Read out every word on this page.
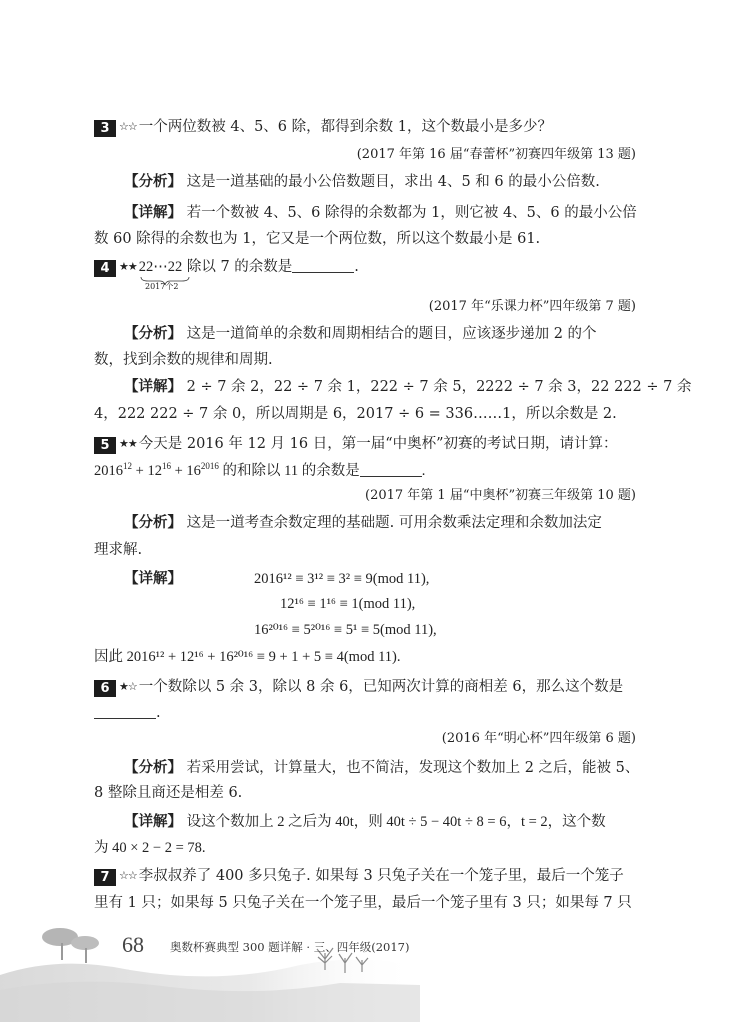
3 ☆☆ 一个两位数被 4、5、6 除，都得到余数 1，这个数最小是多少？
(2017 年第 16 届“春蕾杯”初赛四年级第 13 题)
【分析】 这是一道基础的最小公倍数题目，求出 4、5 和 6 的最小公倍数.
【详解】 若一个数被 4、5、6 除得的余数都为 1，则它被 4、5、6 的最小公倍
数 60 除得的余数也为 1，它又是一个两位数，所以这个数最小是 61.
4 ★★ 22⋯22 除以 7 的余数是	.
2017个2
(2017 年“乐课力杯”四年级第 7 题)
【分析】 这是一道简单的余数和周期相结合的题目，应该逐步递加 2 的个
数，找到余数的规律和周期.
【详解】 2 ÷ 7 余 2，22 ÷ 7 余 1，222 ÷ 7 余 5，2222 ÷ 7 余 3，22 222 ÷ 7 余
4，222 222 ÷ 7 余 0，所以周期是 6，2017 ÷ 6 = 336……1，所以余数是 2.
5 ★★ 今天是 2016 年 12 月 16 日，第一届“中奥杯”初赛的考试日期，请计算：
$2016^{12} + 12^{16} + 16^{2016}$ 的和除以 11 的余数是	.
(2017 年第 1 届“中奥杯”初赛三年级第 10 题)
【分析】 这是一道考查余数定理的基础题. 可用余数乘法定理和余数加法定
理求解.
【详解】	2016¹² ≡ 3¹² ≡ 3² ≡ 9(mod 11),
12¹⁶ ≡ 1¹⁶ ≡ 1(mod 11),
16²⁰¹⁶ ≡ 5²⁰¹⁶ ≡ 5¹ ≡ 5(mod 11),
因此 2016¹² + 12¹⁶ + 16²⁰¹⁶ ≡ 9 + 1 + 5 ≡ 4(mod 11).
6 ★☆ 一个数除以 5 余 3，除以 8 余 6，已知两次计算的商相差 6，那么这个数是
.
(2016 年“明心杯”四年级第 6 题)
【分析】 若采用尝试，计算量大，也不简洁，发现这个数加上 2 之后，能被 5、
8 整除且商还是相差 6.
【详解】 设这个数加上 2 之后为 40t，则 40t ÷ 5 − 40t ÷ 8 = 6，t = 2，这个数
为 40 × 2 − 2 = 78.
7 ☆☆ 李叔叔养了 400 多只兔子. 如果每 3 只兔子关在一个笼子里，最后一个笼子
里有 1 只；如果每 5 只兔子关在一个笼子里，最后一个笼子里有 3 只；如果每 7 只
68 奥数杯赛典型 300 题详解 · 三、四年级(2017)
